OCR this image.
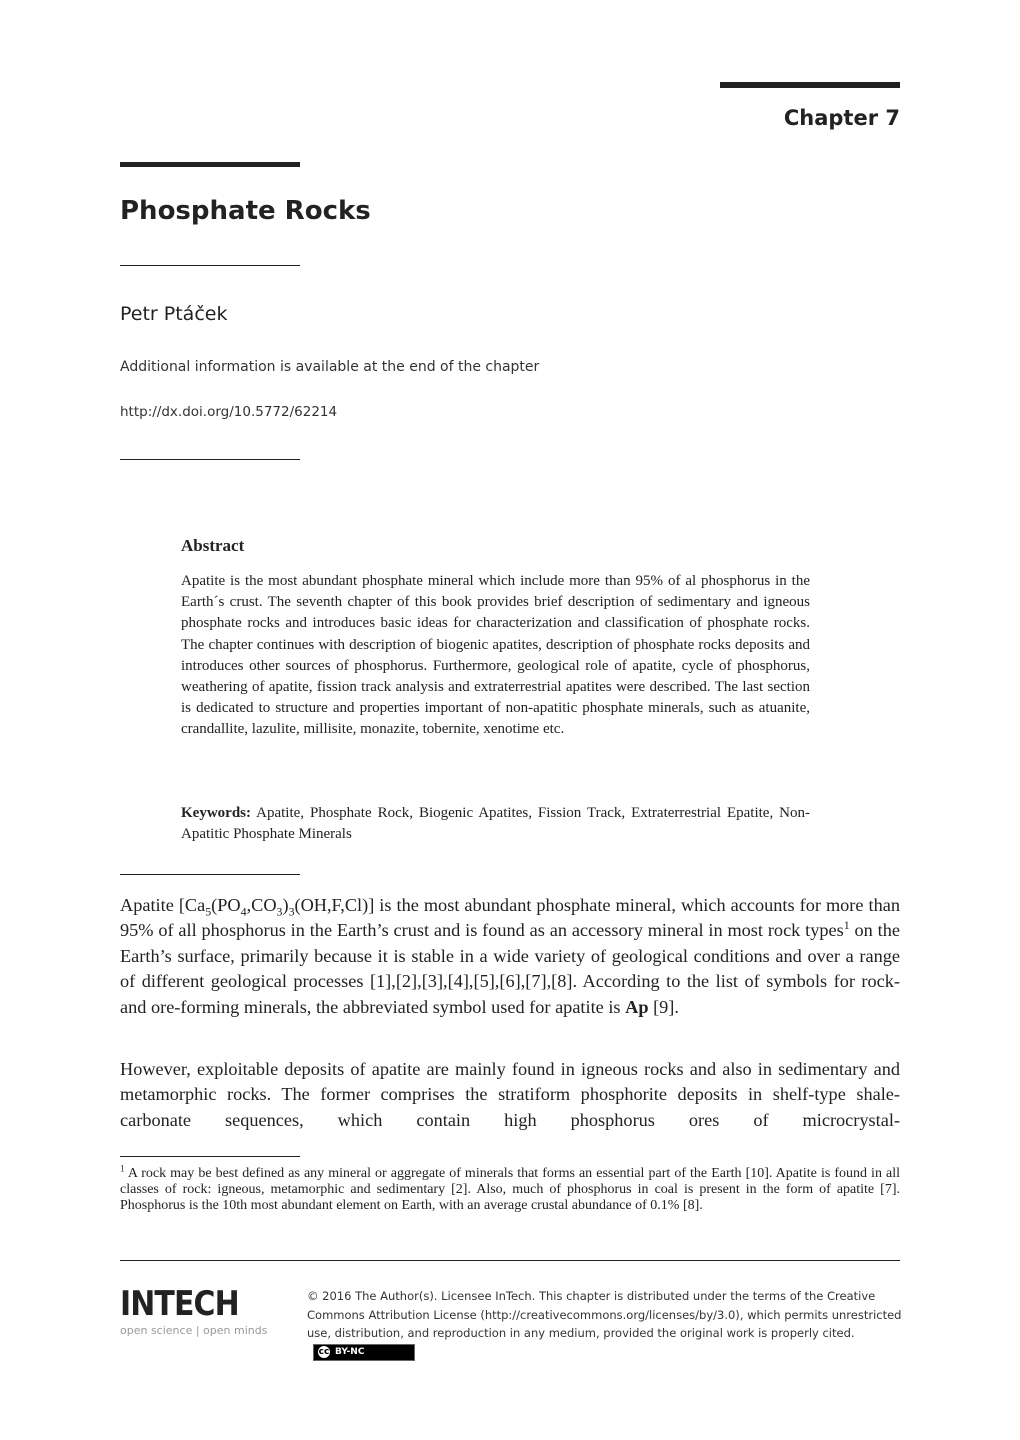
Chapter 7
Phosphate Rocks
Petr Ptáček
Additional information is available at the end of the chapter
http://dx.doi.org/10.5772/62214
Abstract
Apatite is the most abundant phosphate mineral which include more than 95% of al phosphorus in the Earth´s crust. The seventh chapter of this book provides brief description of sedimentary and igneous phosphate rocks and introduces basic ideas for characterization and classification of phosphate rocks. The chapter continues with description of biogenic apatites, description of phosphate rocks deposits and introduces other sources of phosphorus. Furthermore, geological role of apatite, cycle of phosphorus, weathering of apatite, fission track analysis and extraterrestrial apatites were described. The last section is dedicated to structure and properties important of non-apatitic phosphate minerals, such as atuanite, crandallite, lazulite, millisite, monazite, tobernite, xenotime etc.
Keywords: Apatite, Phosphate Rock, Biogenic Apatites, Fission Track, Extraterrestrial Epatite, Non-Apatitic Phosphate Minerals
Apatite $[Ca_5(PO_4,CO_3)_3(OH,F,Cl)]$ is the most abundant phosphate mineral, which accounts for more than 95% of all phosphorus in the Earth’s crust and is found as an accessory mineral in most rock types$^1$ on the Earth’s surface, primarily because it is stable in a wide variety of geological conditions and over a range of different geological processes [1],[2],[3],[4],[5],[6],[7],[8]. According to the list of symbols for rock- and ore-forming minerals, the abbreviated symbol used for apatite is Ap [9].
However, exploitable deposits of apatite are mainly found in igneous rocks and also in sedimentary and metamorphic rocks. The former comprises the stratiform phosphorite deposits in shelf-type shale-carbonate sequences, which contain high phosphorus ores of microcrystal-
$^1$ A rock may be best defined as any mineral or aggregate of minerals that forms an essential part of the Earth [10]. Apatite is found in all classes of rock: igneous, metamorphic and sedimentary [2]. Also, much of phosphorus in coal is present in the form of apatite [7]. Phosphorus is the 10th most abundant element on Earth, with an average crustal abundance of 0.1% [8].
INTECH
open science | open minds
© 2016 The Author(s). Licensee InTech. This chapter is distributed under the terms of the Creative Commons Attribution License (http://creativecommons.org/licenses/by/3.0), which permits unrestricted use, distribution, and reproduction in any medium, provided the original work is properly cited.
cc BY-NC
